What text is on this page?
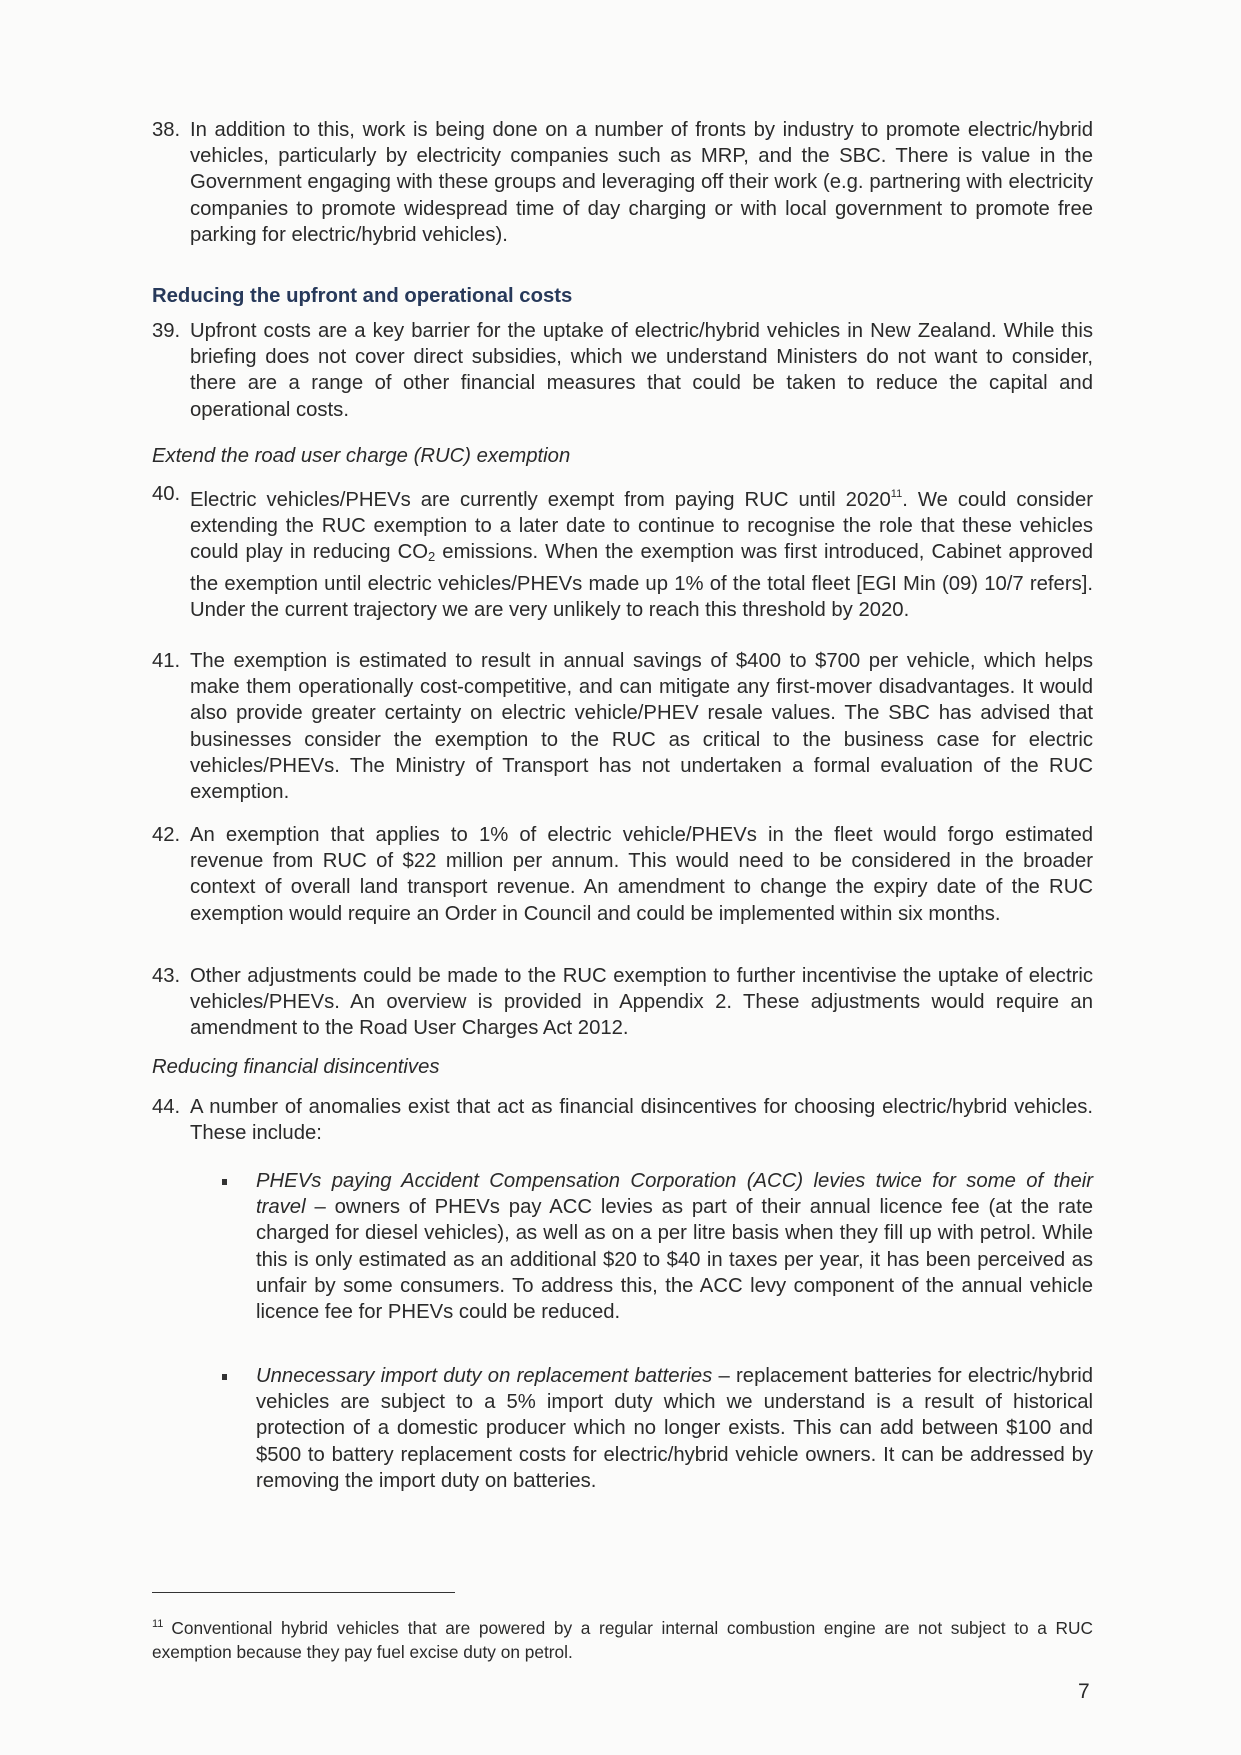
38. In addition to this, work is being done on a number of fronts by industry to promote electric/hybrid vehicles, particularly by electricity companies such as MRP, and the SBC. There is value in the Government engaging with these groups and leveraging off their work (e.g. partnering with electricity companies to promote widespread time of day charging or with local government to promote free parking for electric/hybrid vehicles).
Reducing the upfront and operational costs
39. Upfront costs are a key barrier for the uptake of electric/hybrid vehicles in New Zealand. While this briefing does not cover direct subsidies, which we understand Ministers do not want to consider, there are a range of other financial measures that could be taken to reduce the capital and operational costs.
Extend the road user charge (RUC) exemption
40. Electric vehicles/PHEVs are currently exempt from paying RUC until 2020$^{11}$. We could consider extending the RUC exemption to a later date to continue to recognise the role that these vehicles could play in reducing $CO_2$ emissions. When the exemption was first introduced, Cabinet approved the exemption until electric vehicles/PHEVs made up 1% of the total fleet [EGI Min (09) 10/7 refers]. Under the current trajectory we are very unlikely to reach this threshold by 2020.
41. The exemption is estimated to result in annual savings of $400 to $700 per vehicle, which helps make them operationally cost-competitive, and can mitigate any first-mover disadvantages. It would also provide greater certainty on electric vehicle/PHEV resale values. The SBC has advised that businesses consider the exemption to the RUC as critical to the business case for electric vehicles/PHEVs. The Ministry of Transport has not undertaken a formal evaluation of the RUC exemption.
42. An exemption that applies to 1% of electric vehicle/PHEVs in the fleet would forgo estimated revenue from RUC of $22 million per annum. This would need to be considered in the broader context of overall land transport revenue. An amendment to change the expiry date of the RUC exemption would require an Order in Council and could be implemented within six months.
43. Other adjustments could be made to the RUC exemption to further incentivise the uptake of electric vehicles/PHEVs. An overview is provided in Appendix 2. These adjustments would require an amendment to the Road User Charges Act 2012.
Reducing financial disincentives
44. A number of anomalies exist that act as financial disincentives for choosing electric/hybrid vehicles. These include:
PHEVs paying Accident Compensation Corporation (ACC) levies twice for some of their travel – owners of PHEVs pay ACC levies as part of their annual licence fee (at the rate charged for diesel vehicles), as well as on a per litre basis when they fill up with petrol. While this is only estimated as an additional $20 to $40 in taxes per year, it has been perceived as unfair by some consumers. To address this, the ACC levy component of the annual vehicle licence fee for PHEVs could be reduced.
Unnecessary import duty on replacement batteries – replacement batteries for electric/hybrid vehicles are subject to a 5% import duty which we understand is a result of historical protection of a domestic producer which no longer exists. This can add between $100 and $500 to battery replacement costs for electric/hybrid vehicle owners. It can be addressed by removing the import duty on batteries.
$^{11}$ Conventional hybrid vehicles that are powered by a regular internal combustion engine are not subject to a RUC exemption because they pay fuel excise duty on petrol.
7
